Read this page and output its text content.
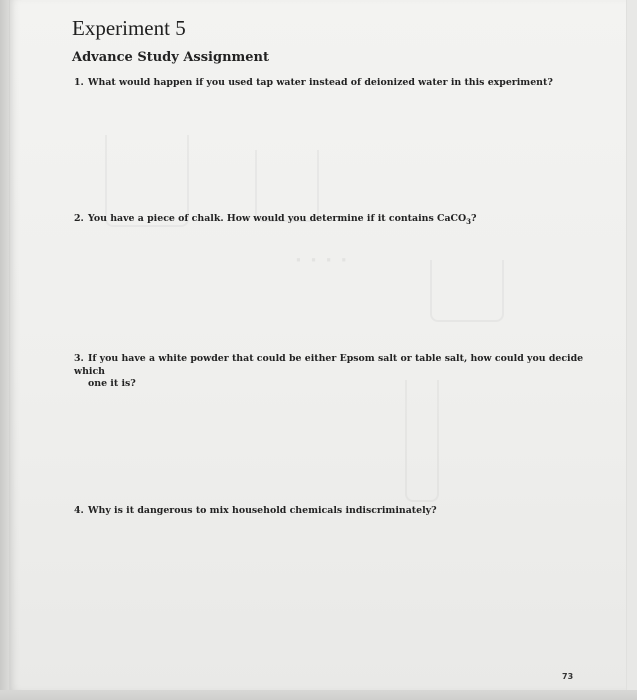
· · · ·
Experiment 5
Advance Study Assignment
1. What would happen if you used tap water instead of deionized water in this experiment?
2. You have a piece of chalk. How would you determine if it contains CaCO$_3$?
3. If you have a white powder that could be either Epsom salt or table salt, how could you decide which
one it is?
4. Why is it dangerous to mix household chemicals indiscriminately?
73
